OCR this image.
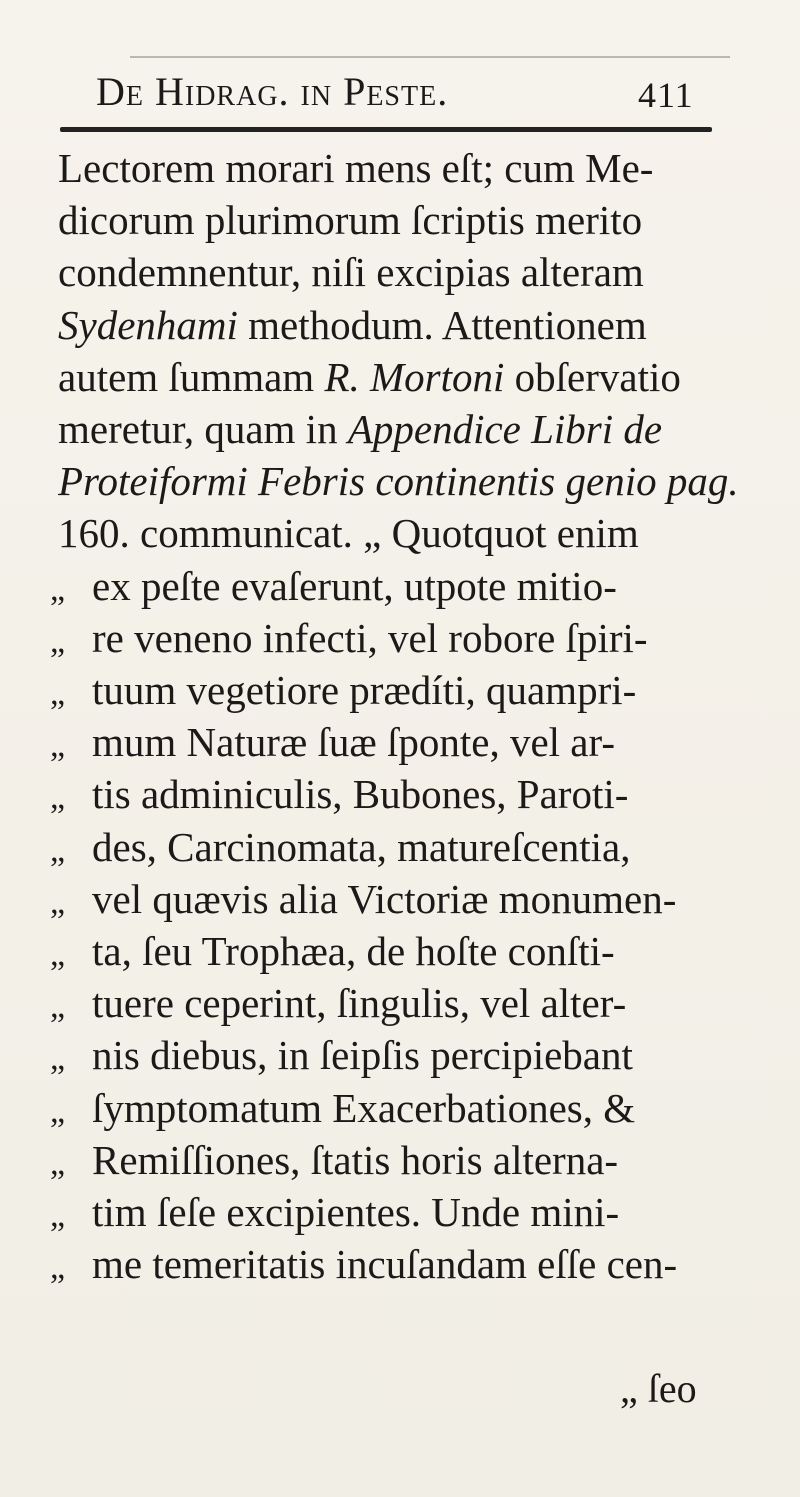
De Hidrag. in Peste.	411
Lectorem morari mens eſt; cum Me-
dicorum plurimorum ſcriptis merito
condemnentur, niſi excipias alteram
Sydenhami methodum. Attentionem
autem ſummam R. Mortoni obſervatio
meretur, quam in Appendice Libri de
Proteiformi Febris continentis genio pag.
160. communicat. „ Quotquot enim
„ ex peſte evaſerunt, utpote mitio-
„ re veneno infecti, vel robore ſpiri-
„ tuum vegetiore prædíti, quampri-
„ mum Naturæ ſuæ ſponte, vel ar-
„ tis adminiculis, Bubones, Paroti-
„ des, Carcinomata, matureſcentia,
„ vel quævis alia Victoriæ monumen-
„ ta, ſeu Trophæa, de hoſte conſti-
„ tuere ceperint, ſingulis, vel alter-
„ nis diebus, in ſeipſis percipiebant
„ ſymptomatum Exacerbationes, &
„ Remiſſiones, ſtatis horis alterna-
„ tim ſeſe excipientes. Unde mini-
„ me temeritatis incuſandam eſſe cen-
„ ſeo
